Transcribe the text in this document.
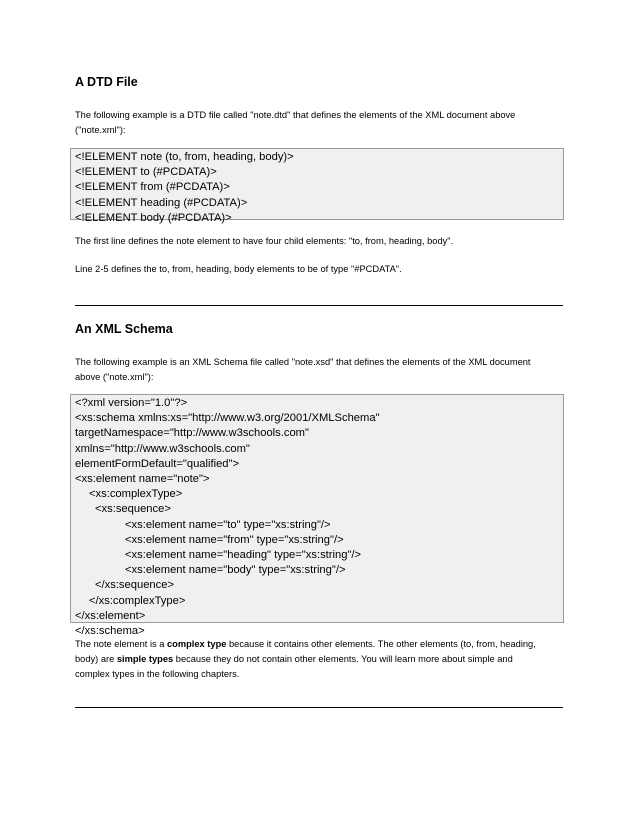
A DTD File
The following example is a DTD file called "note.dtd" that defines the elements of the XML document above
("note.xml"):
<!ELEMENT note (to, from, heading, body)>
<!ELEMENT to (#PCDATA)>
<!ELEMENT from (#PCDATA)>
<!ELEMENT heading (#PCDATA)>
<!ELEMENT body (#PCDATA)>

The first line defines the note element to have four child elements: "to, from, heading, body".

Line 2-5 defines the to, from, heading, body elements to be of type "#PCDATA".

An XML Schema
The following example is an XML Schema file called "note.xsd" that defines the elements of the XML document
above ("note.xml"):
<?xml version="1.0"?>
<xs:schema xmlns:xs="http://www.w3.org/2001/XMLSchema"
targetNamespace="http://www.w3schools.com"
xmlns="http://www.w3schools.com"
elementFormDefault="qualified">
<xs:element name="note">
<xs:complexType>
<xs:sequence>
<xs:element name="to" type="xs:string"/>
<xs:element name="from" type="xs:string"/>
<xs:element name="heading" type="xs:string"/>
<xs:element name="body" type="xs:string"/>
</xs:sequence>
</xs:complexType>
</xs:element>
</xs:schema>
The note element is a complex type because it contains other elements. The other elements (to, from, heading,
body) are simple types because they do not contain other elements. You will learn more about simple and
complex types in the following chapters.
